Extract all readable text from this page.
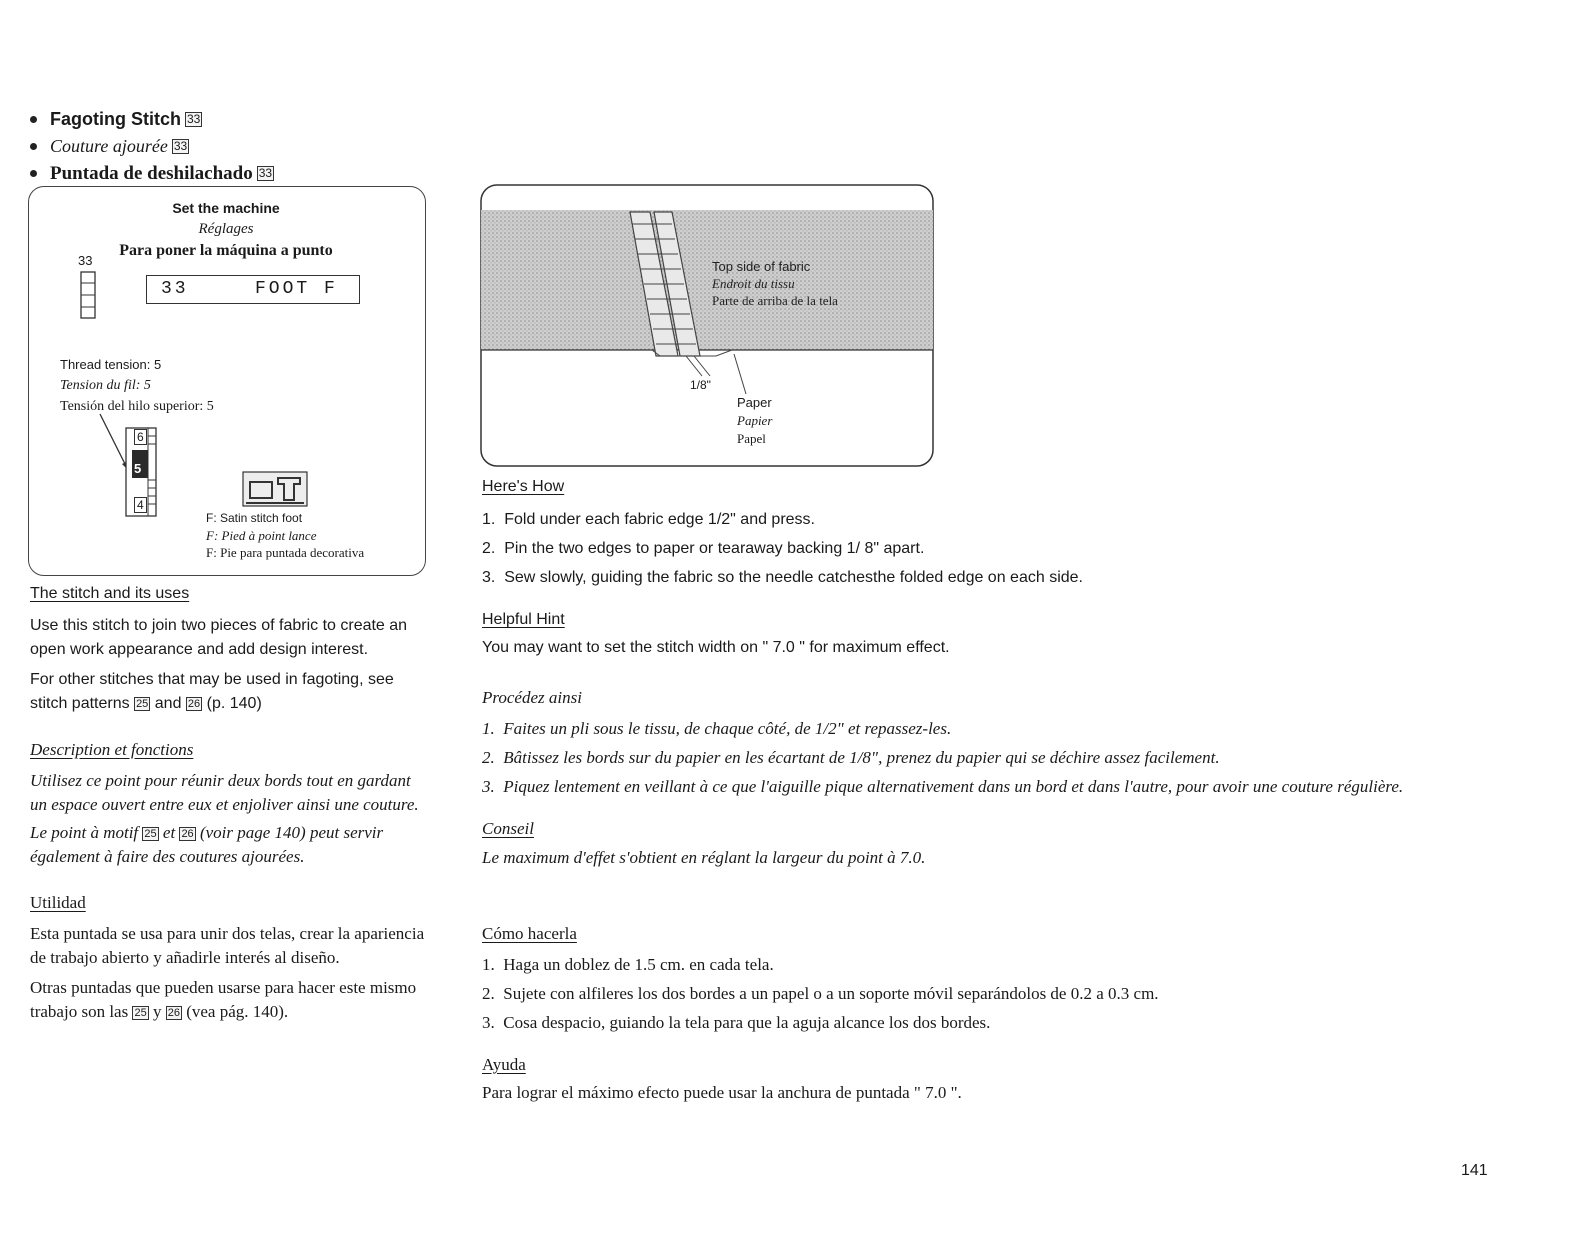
Fagoting Stitch 33
Couture ajourée 33
Puntada de deshilachado 33
Set the machine
Réglages
Para poner la máquina a punto
33
33	FOOT F
Thread tension: 5
Tension du fil: 5
Tensión del hilo superior: 5
6
5
4
F: Satin stitch foot
F: Pied à point lance
F: Pie para puntada decorativa
The stitch and its uses
Use this stitch to join two pieces of fabric to create an open work appearance and add design interest.
For other stitches that may be used in fagoting, see stitch patterns 25 and 26 (p. 140)
Description et fonctions
Utilisez ce point pour réunir deux bords tout en gardant un espace ouvert entre eux et enjoliver ainsi une couture.
Le point à motif 25 et 26 (voir page 140) peut servir également à faire des coutures ajourées.
Utilidad
Esta puntada se usa para unir dos telas, crear la apariencia de trabajo abierto y añadirle interés al diseño.
Otras puntadas que pueden usarse para hacer este mismo trabajo son las 25 y 26 (vea pág. 140).
Top side of fabric
Endroit du tissu
Parte de arriba de la tela
1/8"
Paper
Papier
Papel
Here's How
1.  Fold under each fabric edge 1/2" and press.
2.  Pin the two edges to paper or tearaway backing 1/ 8" apart.
3.  Sew slowly, guiding the fabric so the needle catchesthe folded edge on each side.
Helpful Hint
You may want to set the stitch width on " 7.0 " for maximum effect.
Procédez ainsi
1.  Faites un pli sous le tissu, de chaque côté, de 1/2" et repassez-les.
2.  Bâtissez les bords sur du papier en les écartant de 1/8", prenez du papier qui se déchire assez facilement.
3.  Piquez lentement en veillant à ce que l'aiguille pique alternativement dans un bord et dans l'autre, pour avoir une couture régulière.
Conseil
Le maximum d'effet s'obtient en réglant la largeur du point à 7.0.
Cómo hacerla
1.  Haga un doblez de 1.5 cm. en cada tela.
2.  Sujete con alfileres los dos bordes a un papel o a un soporte móvil separándolos de 0.2 a 0.3 cm.
3.  Cosa despacio, guiando la tela para que la aguja alcance los dos bordes.
Ayuda
Para lograr el máximo efecto puede usar la anchura de puntada " 7.0 ".
141
